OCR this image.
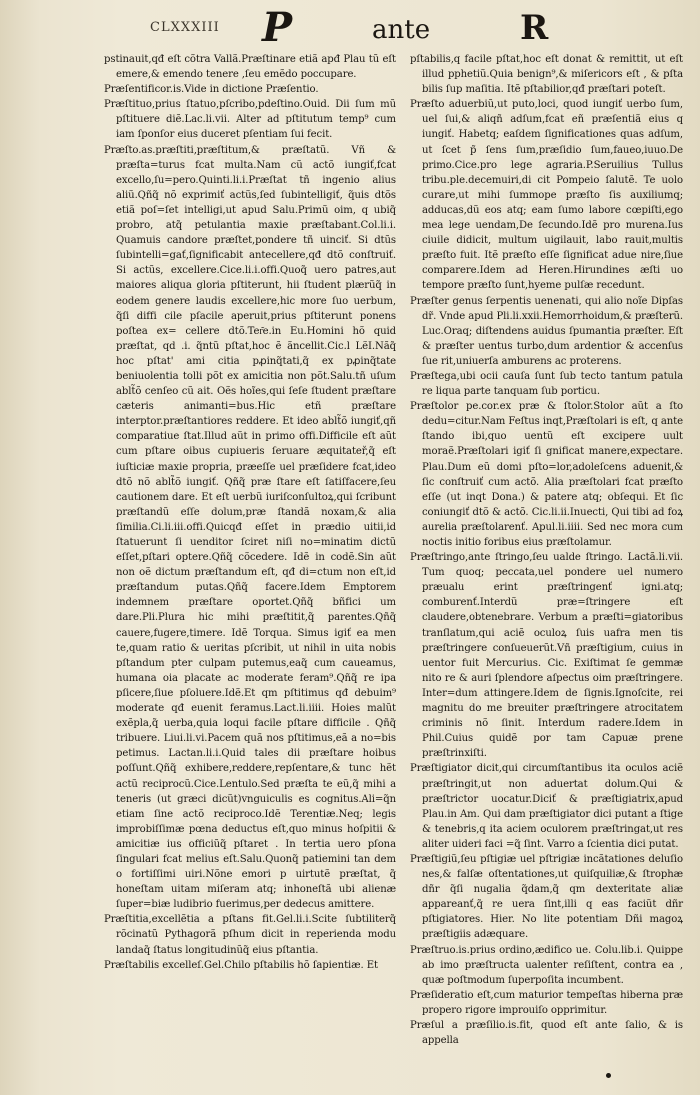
CLXXXIII P	ante	R

pstinauit,qđ eſt cõtra Vallã.Præſtinare etiã apđ Plau tũ eſt emere,& emendo tenere ,ſeu emẽdo poccupare.

Præſentificor.is.Vide in dictione Præſentio.

Præſtituo,prius ſtatuo,pſcribo,pdeſtino.Ouid. Dii ſum mũ pſtituere diẽ.Lac.li.vii. Alter ad pſtitutum temp⁹ cum iam ſponſor eius duceret pſentiam ſui fecit.

Præſto.as.præſtiti,præſtitum,& præſtatũ. Vñ & præſta=turus fcat multa.Nam cũ actõ iungiť,fcat excello,ſu=pero.Quinti.li.i.Præſtat tñ ingenio alius aliũ.Qñq̃ nõ exprimiť actũs,ſed ſubintelligiť, q̃uis dtõs etiã poſ=ſet intelligi,ut apud Salu.Primũ oim, q ubiq̃ probro, atq̃ petulantia maxie præſtabant.Col.li.i. Quamuis candore præſtet,pondere tñ uinciť. Si dtũs ſubintelli=gať,ſignificabit antecellere,qđ dtõ conſtruiť. Si actũs, excellere.Cice.li.i.offi.Quoq̃ uero patres,aut maiores aliqua gloria pſtiterunt, hii ſtudent plærũq̃ in eodem genere laudis excellere,hic more ſuo uerbum, q̃ſi diffi cile pſacile aperuit,prius pſtiterunt ponens poſtea ex= cellere dtõ.Ter͂e.in Eu.Homini hõ quid præſtat, qd .i. q̃ntũ pſtat,hoc ẽ ãncellit.Cic.l LẽI.Nãq̃ hoc pſtat' ami citia pꝓinq̃tati,q̃ ex pꝓinq̃tate beniuolentia tolli põt ex amicitia non põt.Salu.tñ uſum ablt̃õ cenſeo cũ ait. Oẽs hoĩes,qui ſeſe ſtudent præſtare cæteris animanti=bus.Hic etñ præſtare interptor.præſtantiores reddere. Et ideo ablt̃õ iungiť,qñ comparatiue ſtat.Illud aũt in primo offi.Difficile eſt aũt cum pſtare oibus cupiueris ſeruare æquitateř,q̃ eſt iuſticiæ maxie propria, præeſſe uel præſidere fcat,ideo dtõ nõ ablt̃õ iungiť. Qñq̃ præ ſtare eſt ſatiſfacere,ſeu cautionem dare. Et eſt uerbũ iuriſconſultoꝝ,qui ſcribunt præſtandũ eſſe dolum,præ ſtandã noxam,& alia ſimilia.Ci.li.iii.offi.Quicqđ eſſet in prædio uitii,id ſtatuerunt ſi uenditor ſciret niſi no=minatim dictũ eſſet,pſtari optere.Qñq̃ cõcedere. Idẽ in codẽ.Sin aũt non oẽ dictum præſtandum eſt, qđ di=ctum non eſt,id præſtandum putas.Qñq̃ facere.Idem Emptorem indemnem præſtare oportet.Qñq̃ bñfici um dare.Pli.Plura hic mihi præſtitit,q̃ parentes.Qñq̃ cauere,fugere,timere. Idẽ Torqua. Simus igiť ea men te,quam ratio & ueritas pſcribit, ut nihil in uita nobis pſtandum pter culpam putemus,eaq̃ cum caueamus, humana oia placate ac moderate feram⁹.Qñq̃ re ipa pſicere,ſiue pſoluere.Idẽ.Et qm pſtitimus qđ debuim⁹ moderate qđ euenit feramus.Lact.li.iiii. Hoies malũt exẽpla,q̃ uerba,quia loqui facile pſtare difficile . Qñq̃ tribuere. Liui.li.vi.Pacem quã nos pſtitimus,eã a no=bis petimus. Lactan.li.i.Quid tales dii præſtare hoibus poſſunt.Qñq̃ exhibere,reddere,repſentare,& tunc hẽt actũ reciprocũ.Cice.Lentulo.Sed præſta te eũ,q̃ mihi a teneris (ut græci dicũt)vnguiculis es cognitus.Ali=q̃n etiam ſine actõ reciproco.Idẽ Terentiæ.Neq; legis improbiſſimæ pœna deductus eſt,quo minus hoſpitii & amicitiæ ius officiũq̃ pſtaret . In tertia uero pſona ſingulari fcat melius eſt.Salu.Quonq̃ patiemini tan dem o fortiſſimi uiri.Nõne emori p uirtutẽ præſtat, q̃ honeſtam uitam miſeram atq; inhoneſtã ubi alienæ ſuper=biæ ludibrio fuerimus,per dedecus amittere.

Præſtitia,excellẽtia a pſtans fit.Gel.li.i.Scite ſubtiliterq̃ rõcinatũ Pythagorã pſhum dicit in reperienda modu landaq̃ ſtatus longitudinũq̃ eius pſtantia.

Præſtabilis excelleſ.Gel.Chilo pſtabilis hõ ſapientiæ. Et

pſtabilis,q facile pſtat,hoc eſt donat & remittit, ut eſt illud pphetiũ.Quia benign⁹,& miſericors eſt , & pſta bilis ſup maſitia. Itẽ pſtabilior,qđ præſtari poteſt.

Præſto aduerbiũ,ut puto,loci, quod iungiť uerbo ſum, uel ſui,& aliqñ adſum,fcat eñ præſentiã eius q iungiť. Habetq; eaſdem ſignificationes quas adſum, ut ſcet p̃ ſens ſum,præſidio ſum,faueo,iuuo.De primo.Cice.pro lege agraria.P.Seruilius Tullus tribu.ple.decemuiri,di cit Pompeio ſalutẽ. Te uolo curare,ut mihi ſummope præſto ſis auxiliumq; adducas,dũ eos atq; eam ſumo labore cœpiſti,ego mea lege uendam,De ſecundo.Idẽ pro murena.Ius ciuile didicit, multum uigilauit, labo rauit,multis præſto fuit. Itẽ præſto eſſe ſignificat adue nire,ſiue comparere.Idem ad Heren.Hirundines æſti uo tempore præſto ſunt,hyeme pulſæ recedunt.

Præſter genus ſerpentis uenenati, qui alio noĩe Dipſas dr̃. Vnde apud Pli.li.xxii.Hemorrhoidum,& præſterũ. Luc.Oraq; diſtendens auidus ſpumantia præſter. Eſt & præſter uentus turbo,dum ardentior & accenſus ſue rit,uniuerſa amburens ac proterens.

Præſtega,ubi ocii cauſa ſunt ſub tecto tantum patula re liqua parte tanquam ſub porticu.

Præſtolor pe.cor.ex præ & ſtolor.Stolor aũt a ſto dedu=citur.Nam Feſtus inqt,Præſtolari is eſt, q ante ſtando ibi,quo uentũ eſt excipere uult moraẽ.Præſtolari igiť ſi gnificat manere,expectare. Plau.Dum eũ domi pſto=lor,adoleſcens aduenit,& ſic conſtruiť cum actõ. Alia præſtolari fcat præſto eſſe (ut inqt Dona.) & patere atq; obſequi. Et ſic coniungiť dtõ & actõ. Cic.li.ii.Inuecti, Qui tibi ad foꝝ aurelia præſtolarenť. Apul.li.iiii. Sed nec mora cum noctis initio foribus eius præſtolamur.

Præſtringo,ante ſtringo,ſeu ualde ſtringo. Lactã.li.vii. Tum quoq; peccata,uel pondere uel numero præualu erint præſtringenť igni.atq; comburenť.Interdũ præ=ſtringere eſt claudere,obtenebrare. Verbum a præſti=giatoribus tranſlatum,qui aciẽ oculoꝝ ſuis uafra men tis præſtringere conſueuerũt.Vñ præſtigium, cuius in uentor fuit Mercurius. Cic. Exiſtimat ſe gemmæ nito re & auri ſplendore aſpectus oim præſtringere. Inter=dum attingere.Idem de ſignis.Ignoſcite, rei magnitu do me breuiter præſtringere atrocitatem criminis nõ ſinit. Interdum radere.Idem in Phil.Cuius quidẽ por tam Capuæ prene præſtrinxiſti.

Præſtigiator dicit,qui circumſtantibus ita oculos aciẽ præſtringit,ut non aduertat dolum.Qui & præſtrictor uocatur.Diciť & præſtigiatrix,apud Plau.in Am. Qui dam præſtigiator dici putant a ſtige & tenebris,q ita aciem oculorem præſtringat,ut res aliter uideri faci =q̃ ſint. Varro a ſcientia dici putat.

Præſtigiũ,ſeu pſtigiæ uel pſtrigiæ incãtationes deluſio nes,& falſæ oſtentationes,ut quiſquiliæ,& ſtrophæ dñr q̃ſi nugalia q̃dam,q̃ qm dexteritate aliæ appareanť,q̃ re uera ſint,illi q eas faciũt dñr pſtigiatores. Hier. No lite potentiam Dñi magoꝝ præſtigiis adæquare.

Præſtruo.is.prius ordino,ædifico ue. Colu.lib.i. Quippe ab imo præſtructa ualenter reſiſtent, contra ea , quæ poſtmodum ſuperpoſita incumbent.

Præſideratio eſt,cum maturior tempeſtas hiberna præ propero rigore improuiſo opprimitur.

Præſul a præſilio.is.fit, quod eſt ante ſalio, & is appella
